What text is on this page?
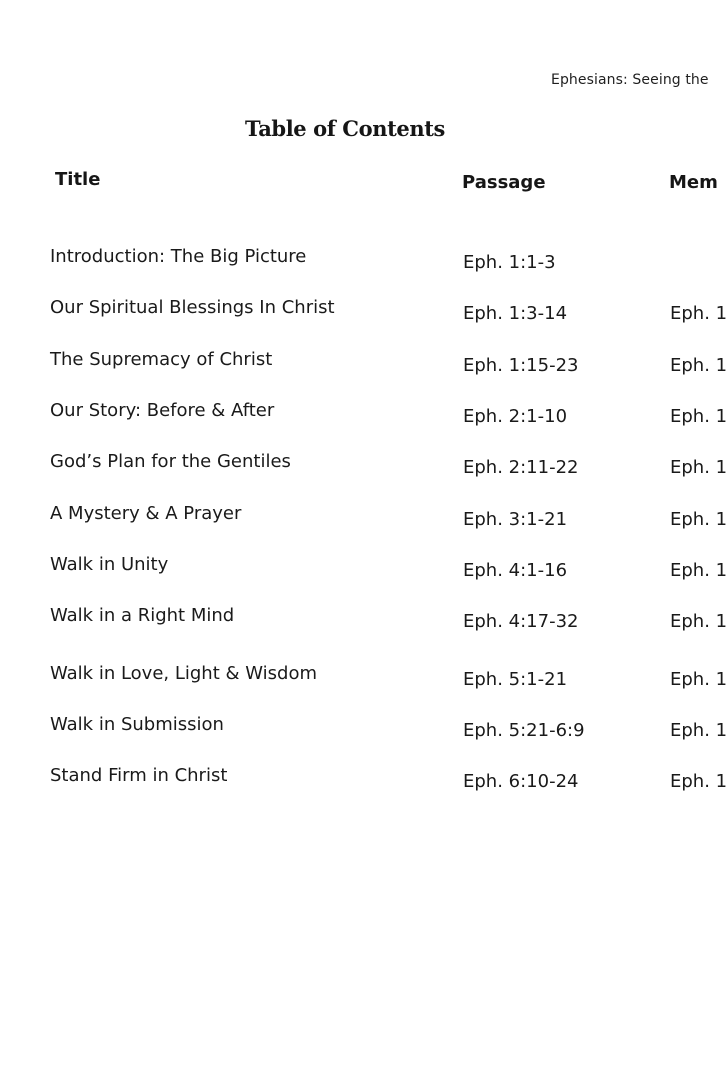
Ephesians: Seeing the
Table of Contents
Title	Passage	Mem
Introduction: The Big Picture	Eph. 1:1-3
Our Spiritual Blessings In Christ	Eph. 1:3-14	Eph. 1
The Supremacy of Christ	Eph. 1:15-23	Eph. 1
Our Story: Before & After	Eph. 2:1-10	Eph. 1
God’s Plan for the Gentiles	Eph. 2:11-22	Eph. 1
A Mystery & A Prayer	Eph. 3:1-21	Eph. 1
Walk in Unity	Eph. 4:1-16	Eph. 1
Walk in a Right Mind	Eph. 4:17-32	Eph. 1
Walk in Love, Light & Wisdom	Eph. 5:1-21	Eph. 1
Walk in Submission	Eph. 5:21-6:9	Eph. 1
Stand Firm in Christ	Eph. 6:10-24	Eph. 1
